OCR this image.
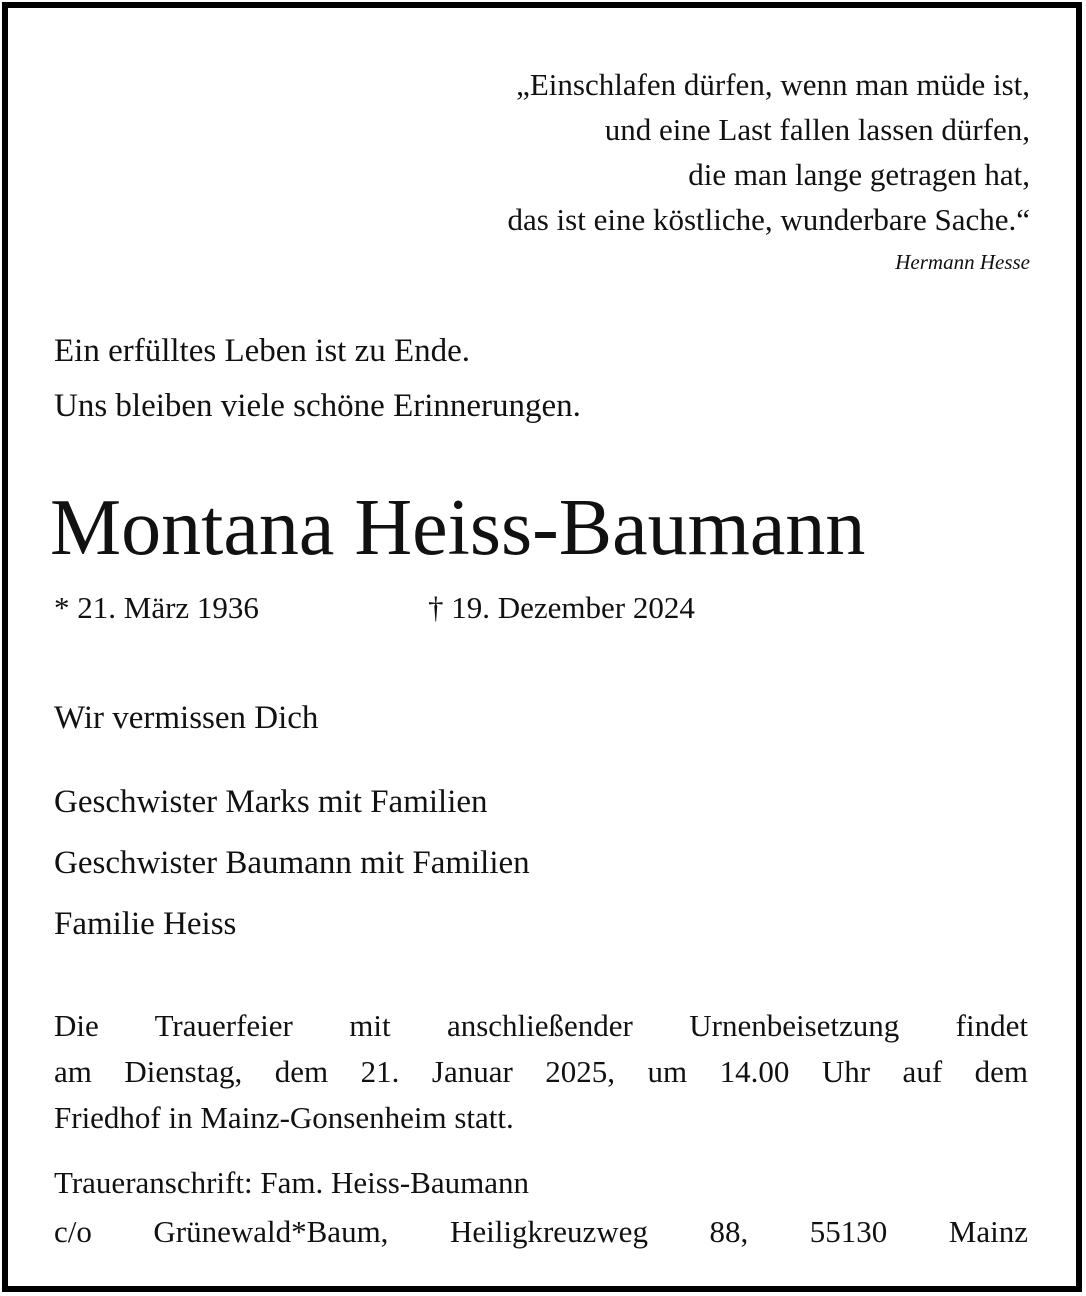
„Einschlafen dürfen, wenn man müde ist,
und eine Last fallen lassen dürfen,
die man lange getragen hat,
das ist eine köstliche, wunderbare Sache.“
Hermann Hesse
Ein erfülltes Leben ist zu Ende.
Uns bleiben viele schöne Erinnerungen.
Montana Heiss-Baumann
* 21. März 1936	† 19. Dezember 2024
Wir vermissen Dich
Geschwister Marks mit Familien
Geschwister Baumann mit Familien
Familie Heiss
Die Trauerfeier mit anschließender Urnenbeisetzung findet
am Dienstag, dem 21. Januar 2025, um 14.00 Uhr auf dem
Friedhof in Mainz-Gonsenheim statt.
Traueranschrift: Fam. Heiss-Baumann
c/o Grünewald*Baum, Heiligkreuzweg 88, 55130 Mainz
